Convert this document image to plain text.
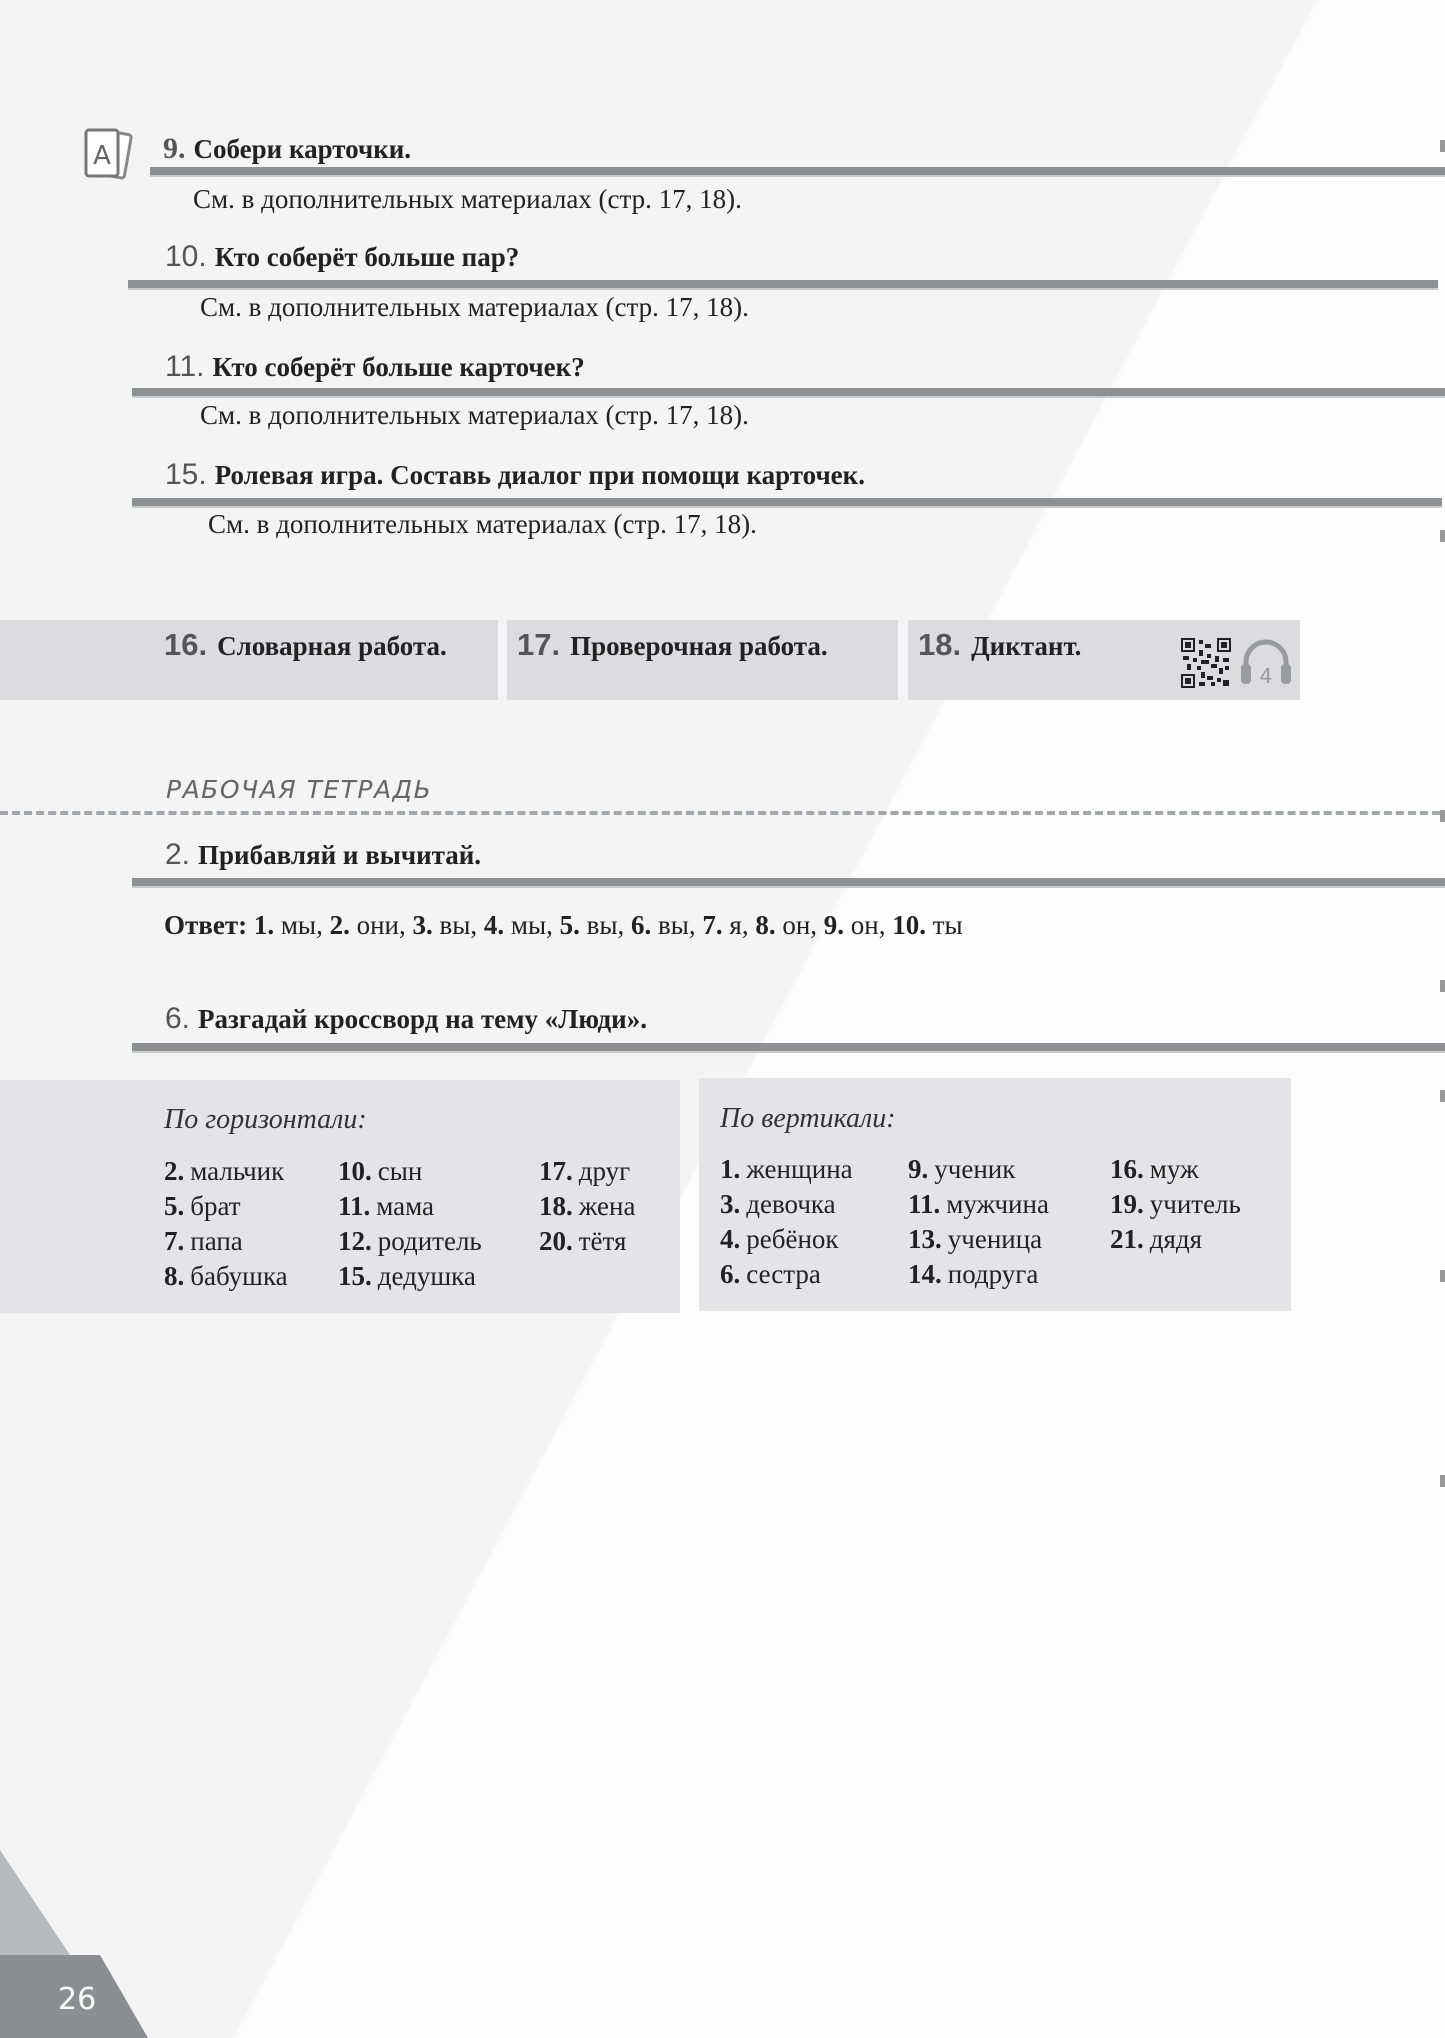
A 9. Собери карточки.
См. в дополнительных материалах (стр. 17, 18).
10. Кто соберёт больше пар?
См. в дополнительных материалах (стр. 17, 18).
11. Кто соберёт больше карточек?
См. в дополнительных материалах (стр. 17, 18).
15. Ролевая игра. Составь диалог при помощи карточек.
См. в дополнительных материалах (стр. 17, 18).
16. Словарная работа. 17. Проверочная работа.	18. Диктант.
4
РАБОЧАЯ ТЕТРАДЬ
2. Прибавляй и вычитай.
Ответ: 1. мы, 2. они, 3. вы, 4. мы, 5. вы, 6. вы, 7. я, 8. он, 9. он, 10. ты
6. Разгадай кроссворд на тему «Люди».
По горизонтали:
2. мальчик
5. брат
7. папа
8. бабушка
10. сын
11. мама
12. родитель
15. дедушка
17. друг
18. жена
20. тётя
По вертикали:
1. женщина
3. девочка
4. ребёнок
6. сестра
9. ученик
11. мужчина
13. ученица
14. подруга
16. муж
19. учитель
21. дядя
26
